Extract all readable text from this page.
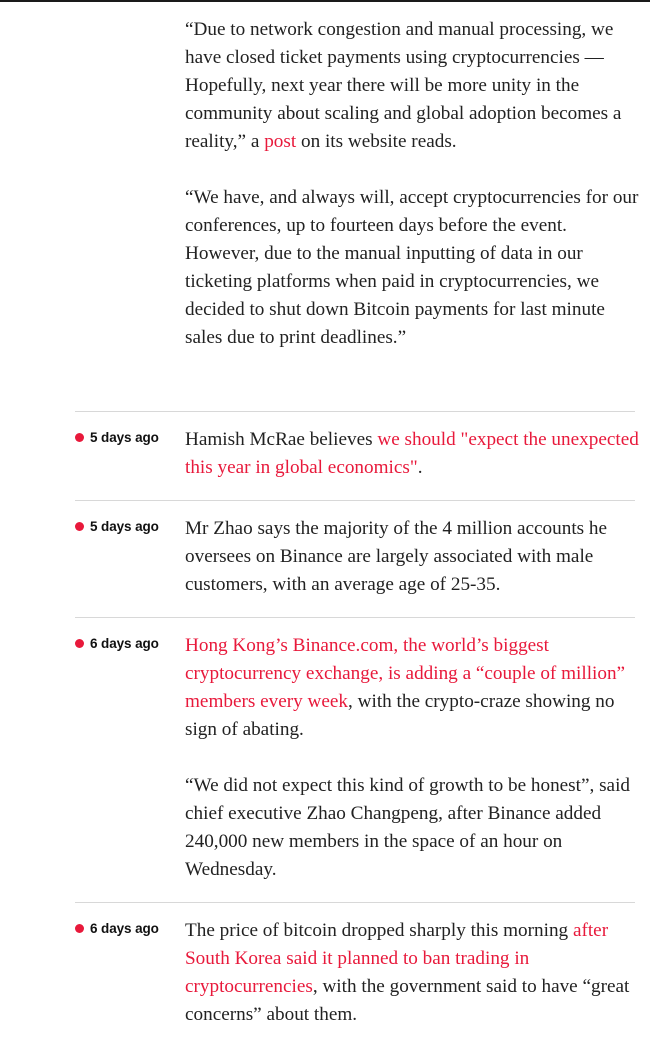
“Due to network congestion and manual processing, we have closed ticket payments using cryptocurrencies — Hopefully, next year there will be more unity in the community about scaling and global adoption becomes a reality,” a post on its website reads.

“We have, and always will, accept cryptocurrencies for our conferences, up to fourteen days before the event. However, due to the manual inputting of data in our ticketing platforms when paid in cryptocurrencies, we decided to shut down Bitcoin payments for last minute sales due to print deadlines.”

5 days ago Hamish McRae believes we should "expect the unexpected this year in global economics".

5 days ago Mr Zhao says the majority of the 4 million accounts he oversees on Binance are largely associated with male customers, with an average age of 25-35.

6 days ago Hong Kong’s Binance.com, the world’s biggest cryptocurrency exchange, is adding a “couple of million” members every week, with the crypto-craze showing no sign of abating.

“We did not expect this kind of growth to be honest”, said chief executive Zhao Changpeng, after Binance added 240,000 new members in the space of an hour on Wednesday.

6 days ago The price of bitcoin dropped sharply this morning after South Korea said it planned to ban trading in cryptocurrencies, with the government said to have “great concerns” about them.
